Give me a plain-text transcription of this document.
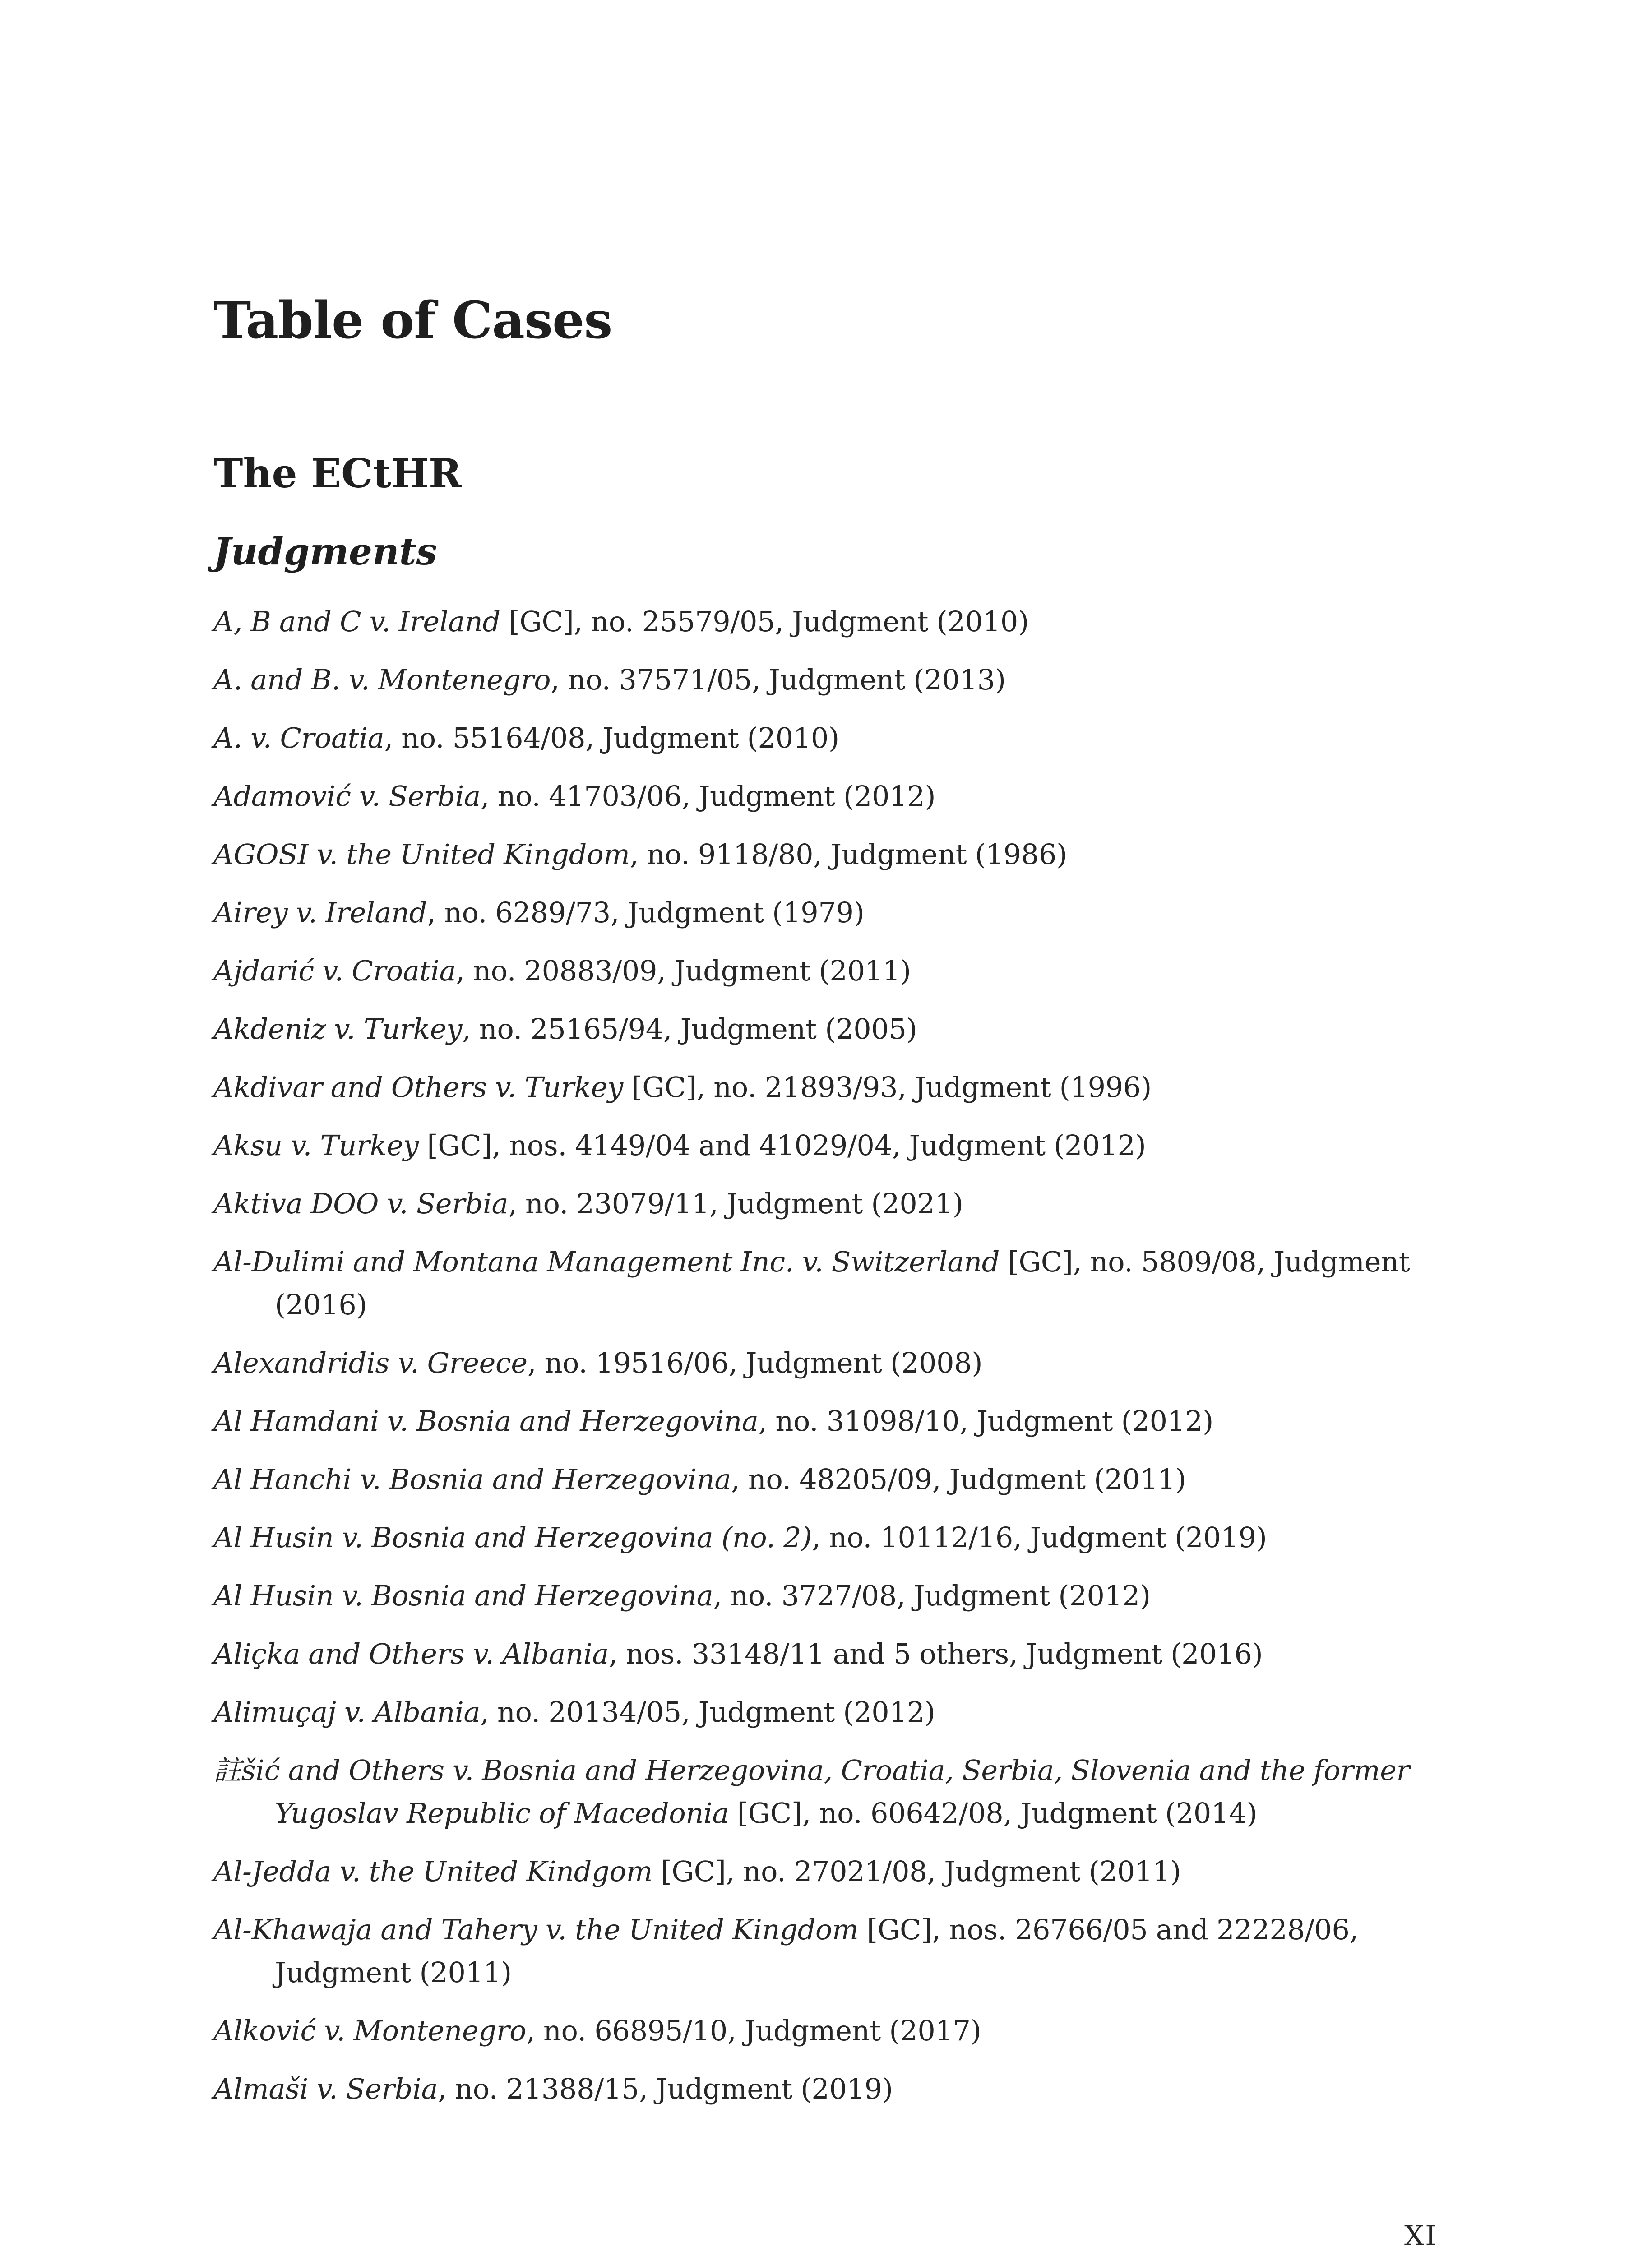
Table of Cases
The ECtHR
Judgments
A, B and C v. Ireland [GC], no. 25579/05, Judgment (2010)
A. and B. v. Montenegro, no. 37571/05, Judgment (2013)
A. v. Croatia, no. 55164/08, Judgment (2010)
Adamović v. Serbia, no. 41703/06, Judgment (2012)
AGOSI v. the United Kingdom, no. 9118/80, Judgment (1986)
Airey v. Ireland, no. 6289/73, Judgment (1979)
Ajdarić v. Croatia, no. 20883/09, Judgment (2011)
Akdeniz v. Turkey, no. 25165/94, Judgment (2005)
Akdivar and Others v. Turkey [GC], no. 21893/93, Judgment (1996)
Aksu v. Turkey [GC], nos. 4149/04 and 41029/04, Judgment (2012)
Aktiva DOO v. Serbia, no. 23079/11, Judgment (2021)
Al-Dulimi and Montana Management Inc. v. Switzerland [GC], no. 5809/08, Judgment (2016)
Alexandridis v. Greece, no. 19516/06, Judgment (2008)
Al Hamdani v. Bosnia and Herzegovina, no. 31098/10, Judgment (2012)
Al Hanchi v. Bosnia and Herzegovina, no. 48205/09, Judgment (2011)
Al Husin v. Bosnia and Herzegovina (no. 2), no. 10112/16, Judgment (2019)
Al Husin v. Bosnia and Herzegovina, no. 3727/08, Judgment (2012)
Aliçka and Others v. Albania, nos. 33148/11 and 5 others, Judgment (2016)
Alimuçaj v. Albania, no. 20134/05, Judgment (2012)
註šić and Others v. Bosnia and Herzegovina, Croatia, Serbia, Slovenia and the former Yugoslav Republic of Macedonia [GC], no. 60642/08, Judgment (2014)
Al-Jedda v. the United Kindgom [GC], no. 27021/08, Judgment (2011)
Al-Khawaja and Tahery v. the United Kingdom [GC], nos. 26766/05 and 22228/06, Judgment (2011)
Alković v. Montenegro, no. 66895/10, Judgment (2017)
Almaši v. Serbia, no. 21388/15, Judgment (2019)
XI
